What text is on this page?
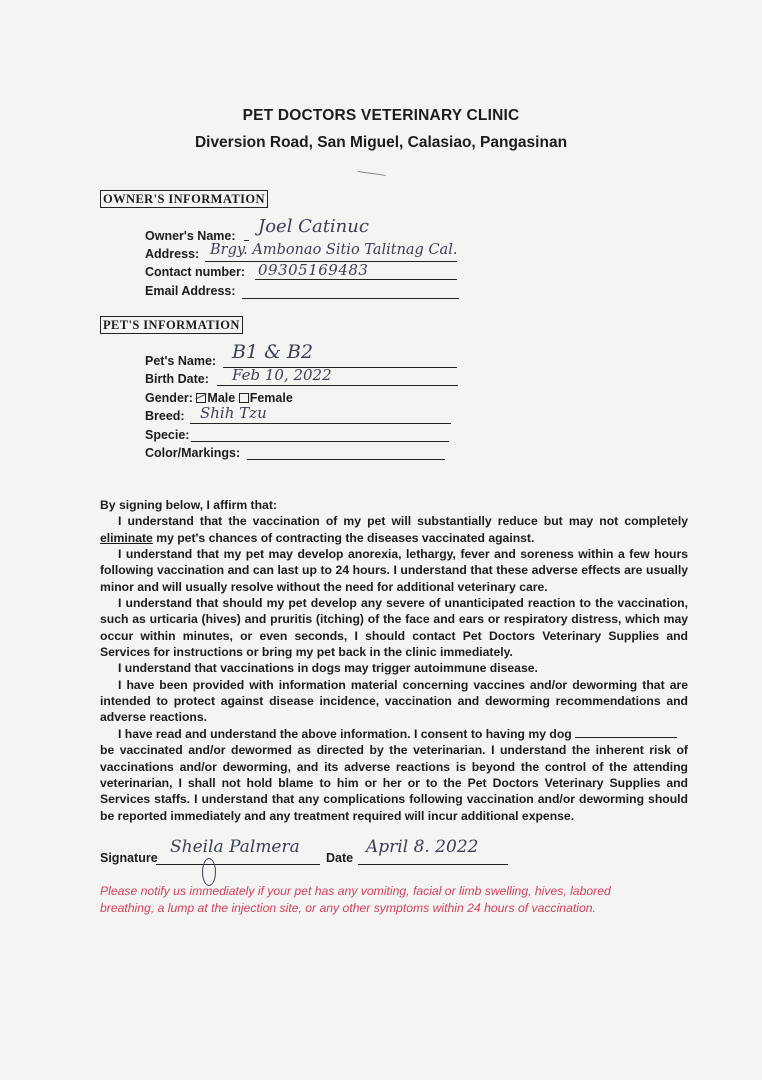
PET DOCTORS VETERINARY CLINIC
Diversion Road, San Miguel, Calasiao, Pangasinan
OWNER'S INFORMATION
Owner's Name: Joel Catinuc
Address: Brgy. Ambonao Sitio Talitnag Cal.
Contact number: 09305169483
Email Address:
PET'S INFORMATION
Pet's Name: B1 & B2
Birth Date: Feb 10, 2022
Gender: Male Female
Breed: Shih Tzu
Specie:
Color/Markings:

By signing below, I affirm that:

I understand that the vaccination of my pet will substantially reduce but may not completely eliminate my pet's chances of contracting the diseases vaccinated against.

I understand that my pet may develop anorexia, lethargy, fever and soreness within a few hours following vaccination and can last up to 24 hours. I understand that these adverse effects are usually minor and will usually resolve without the need for additional veterinary care.

I understand that should my pet develop any severe of unanticipated reaction to the vaccination, such as urticaria (hives) and pruritis (itching) of the face and ears or respiratory distress, which may occur within minutes, or even seconds, I should contact Pet Doctors Veterinary Supplies and Services for instructions or bring my pet back in the clinic immediately.

I understand that vaccinations in dogs may trigger autoimmune disease.

I have been provided with information material concerning vaccines and/or deworming that are intended to protect against disease incidence, vaccination and deworming recommendations and adverse reactions.

I have read and understand the above information. I consent to having my dog

be vaccinated and/or dewormed as directed by the veterinarian. I understand the inherent risk of vaccinations and/or deworming, and its adverse reactions is beyond the control of the attending veterinarian, I shall not hold blame to him or her or to the Pet Doctors Veterinary Supplies and Services staffs. I understand that any complications following vaccination and/or deworming should be reported immediately and any treatment required will incur additional expense.

Signature
Sheila Palmera
Date
April 8. 2022
Please notify us immediately if your pet has any vomiting, facial or limb swelling, hives, labored breathing, a lump at the injection site, or any other symptoms within 24 hours of vaccination.
